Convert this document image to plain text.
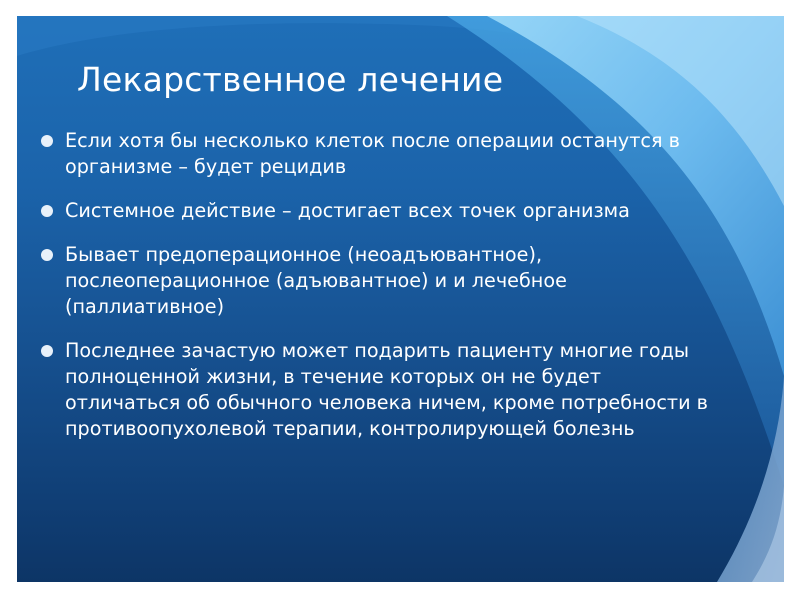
Лекарственное лечение
Если хотя бы несколько клеток после операции останутся в организме – будет рецидив
Системное действие – достигает всех точек организма
Бывает предоперационное (неоадъювантное), послеоперационное (адъювантное) и и лечебное (паллиативное)
Последнее зачастую может подарить пациенту многие годы полноценной жизни, в течение которых он не будет отличаться об обычного человека ничем, кроме потребности в противоопухолевой терапии, контролирующей болезнь
